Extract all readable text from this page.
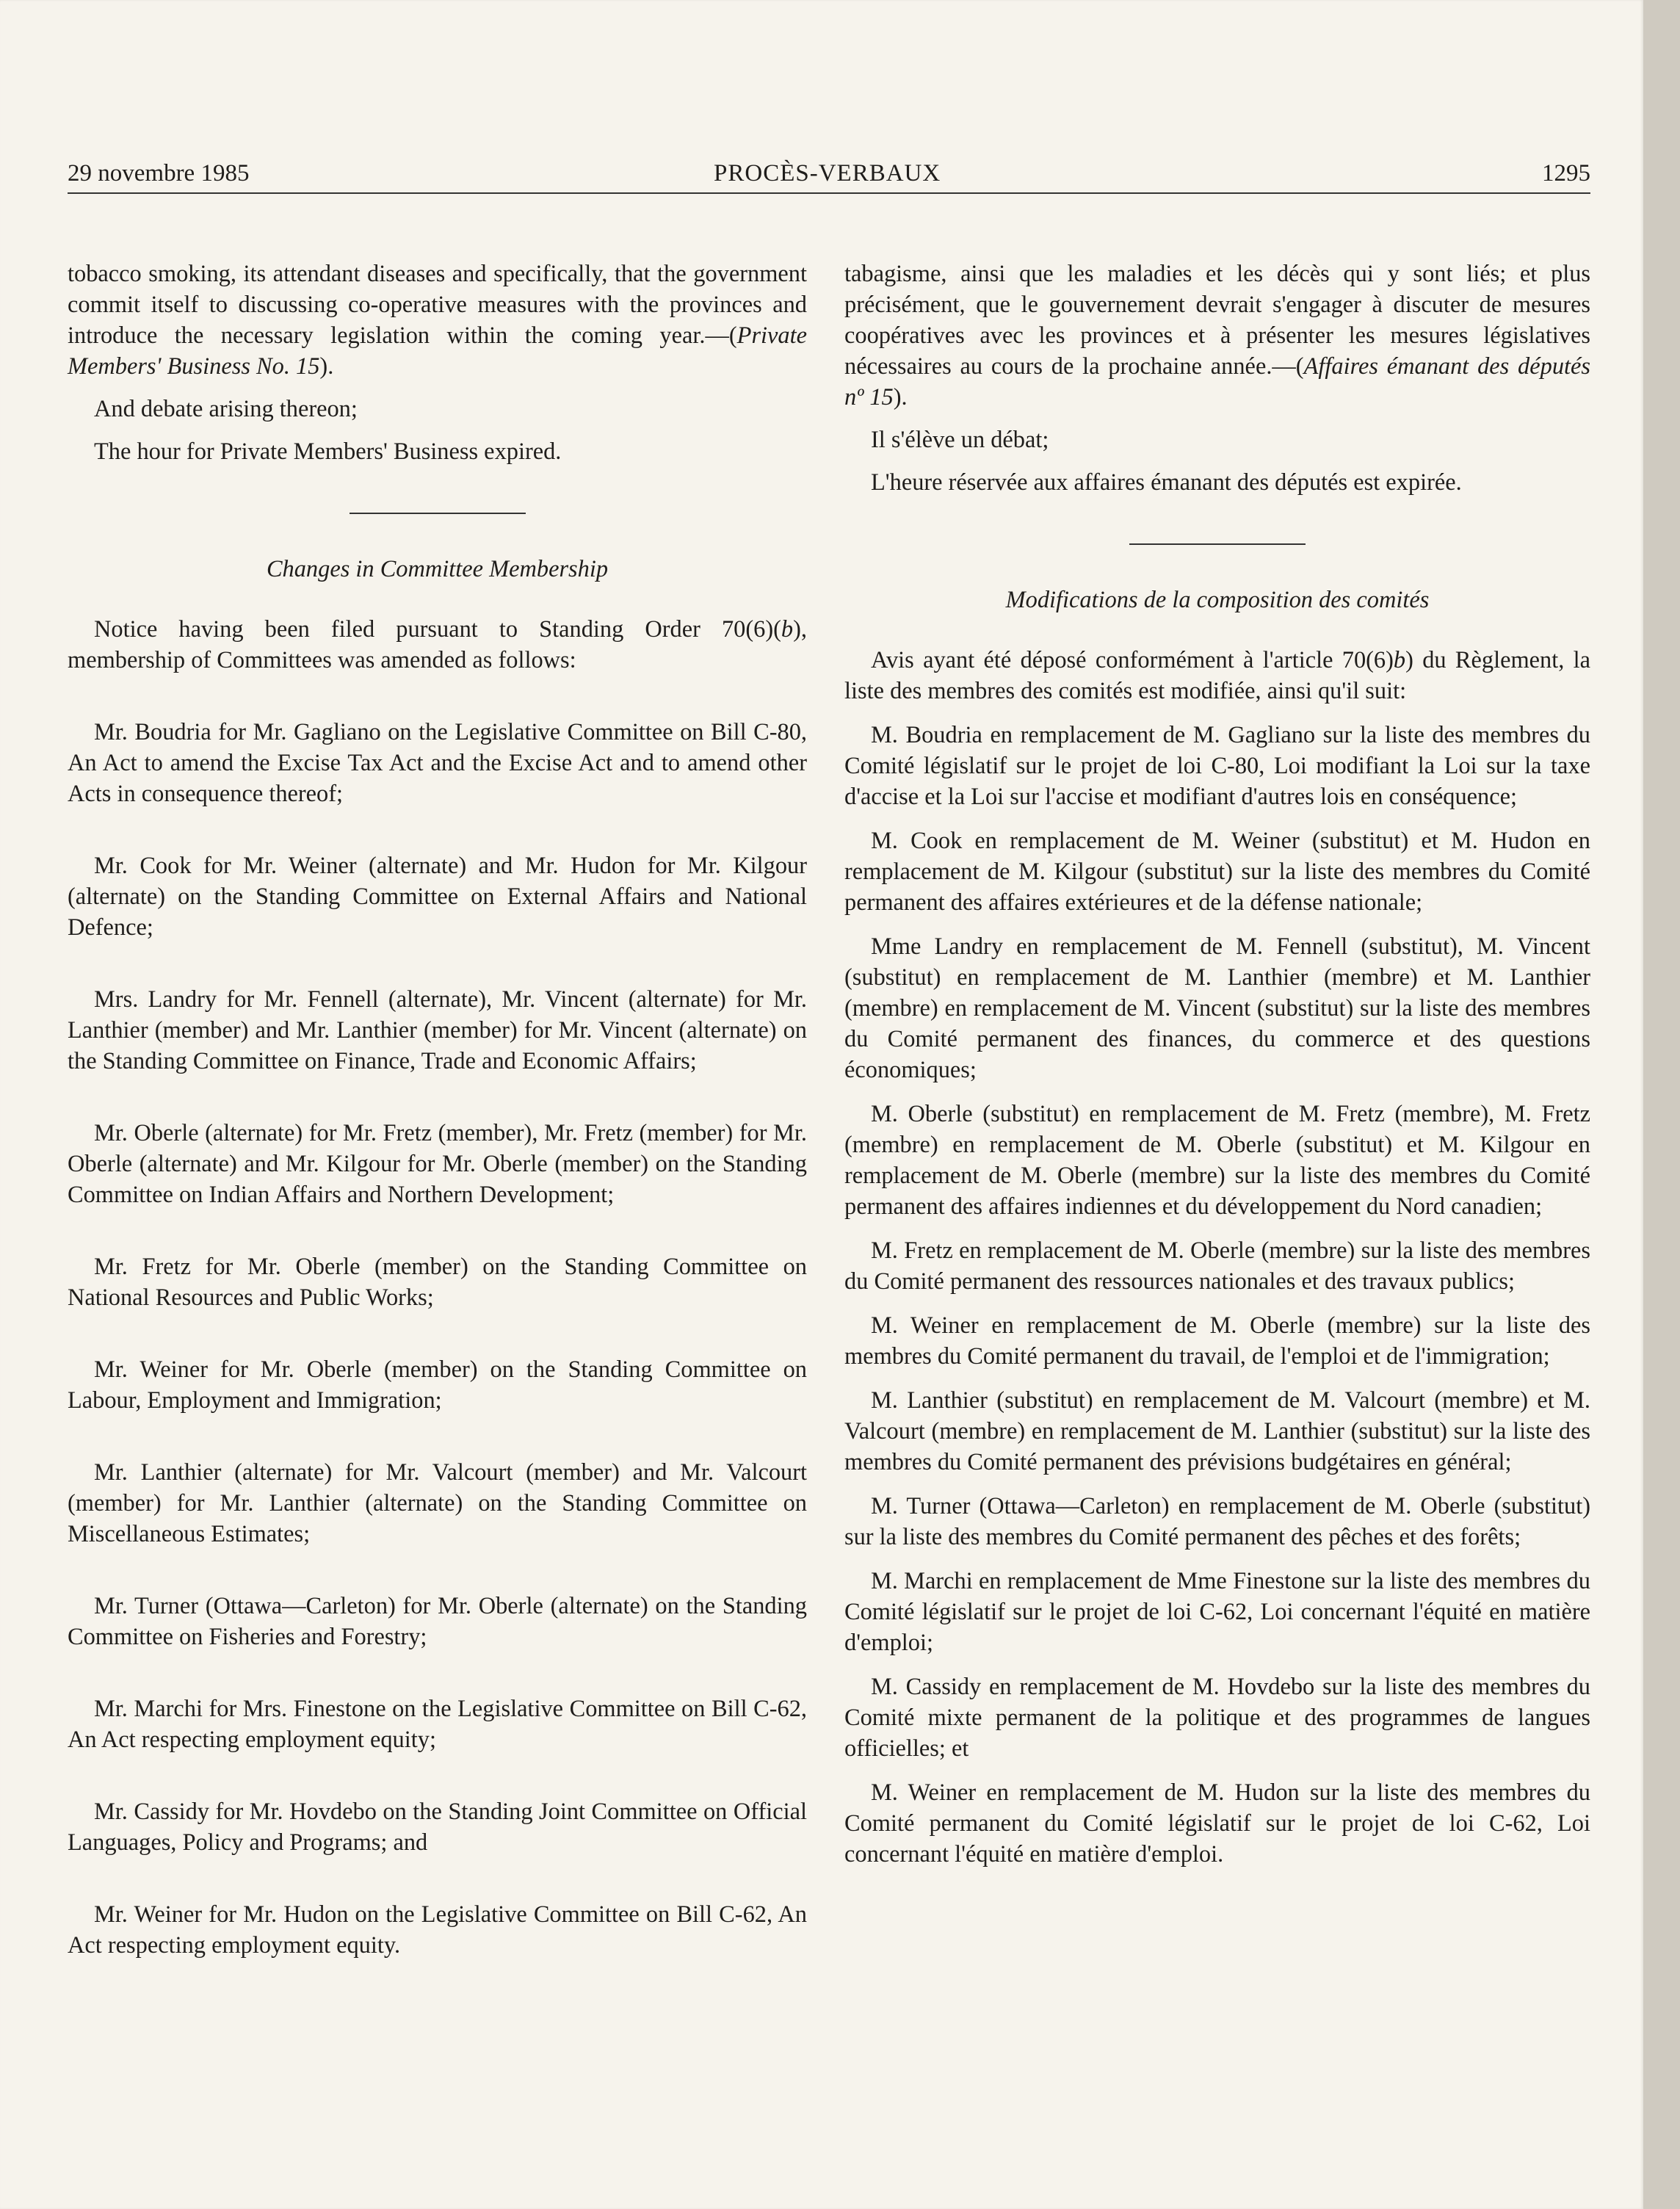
29 novembre 1985	PROCÈS-VERBAUX	1295

tobacco smoking, its attendant diseases and specifically, that the government commit itself to discussing co-operative measures with the provinces and introduce the necessary legislation within the coming year.—(Private Members' Business No. 15).

And debate arising thereon;

The hour for Private Members' Business expired.

Changes in Committee Membership

Notice having been filed pursuant to Standing Order 70(6)(b), membership of Committees was amended as follows:

Mr. Boudria for Mr. Gagliano on the Legislative Committee on Bill C-80, An Act to amend the Excise Tax Act and the Excise Act and to amend other Acts in consequence thereof;

Mr. Cook for Mr. Weiner (alternate) and Mr. Hudon for Mr. Kilgour (alternate) on the Standing Committee on External Affairs and National Defence;

Mrs. Landry for Mr. Fennell (alternate), Mr. Vincent (alternate) for Mr. Lanthier (member) and Mr. Lanthier (member) for Mr. Vincent (alternate) on the Standing Committee on Finance, Trade and Economic Affairs;

Mr. Oberle (alternate) for Mr. Fretz (member), Mr. Fretz (member) for Mr. Oberle (alternate) and Mr. Kilgour for Mr. Oberle (member) on the Standing Committee on Indian Affairs and Northern Development;

Mr. Fretz for Mr. Oberle (member) on the Standing Committee on National Resources and Public Works;

Mr. Weiner for Mr. Oberle (member) on the Standing Committee on Labour, Employment and Immigration;

Mr. Lanthier (alternate) for Mr. Valcourt (member) and Mr. Valcourt (member) for Mr. Lanthier (alternate) on the Standing Committee on Miscellaneous Estimates;

Mr. Turner (Ottawa—Carleton) for Mr. Oberle (alternate) on the Standing Committee on Fisheries and Forestry;

Mr. Marchi for Mrs. Finestone on the Legislative Committee on Bill C-62, An Act respecting employment equity;

Mr. Cassidy for Mr. Hovdebo on the Standing Joint Committee on Official Languages, Policy and Programs; and

Mr. Weiner for Mr. Hudon on the Legislative Committee on Bill C-62, An Act respecting employment equity.

tabagisme, ainsi que les maladies et les décès qui y sont liés; et plus précisément, que le gouvernement devrait s'engager à discuter de mesures coopératives avec les provinces et à présenter les mesures législatives nécessaires au cours de la prochaine année.—(Affaires émanant des députés nº 15).

Il s'élève un débat;

L'heure réservée aux affaires émanant des députés est expirée.

Modifications de la composition des comités

Avis ayant été déposé conformément à l'article 70(6)b) du Règlement, la liste des membres des comités est modifiée, ainsi qu'il suit:

M. Boudria en remplacement de M. Gagliano sur la liste des membres du Comité législatif sur le projet de loi C-80, Loi modifiant la Loi sur la taxe d'accise et la Loi sur l'accise et modifiant d'autres lois en conséquence;

M. Cook en remplacement de M. Weiner (substitut) et M. Hudon en remplacement de M. Kilgour (substitut) sur la liste des membres du Comité permanent des affaires extérieures et de la défense nationale;

Mme Landry en remplacement de M. Fennell (substitut), M. Vincent (substitut) en remplacement de M. Lanthier (membre) et M. Lanthier (membre) en remplacement de M. Vincent (substitut) sur la liste des membres du Comité permanent des finances, du commerce et des questions économiques;

M. Oberle (substitut) en remplacement de M. Fretz (membre), M. Fretz (membre) en remplacement de M. Oberle (substitut) et M. Kilgour en remplacement de M. Oberle (membre) sur la liste des membres du Comité permanent des affaires indiennes et du développement du Nord canadien;

M. Fretz en remplacement de M. Oberle (membre) sur la liste des membres du Comité permanent des ressources nationales et des travaux publics;

M. Weiner en remplacement de M. Oberle (membre) sur la liste des membres du Comité permanent du travail, de l'emploi et de l'immigration;

M. Lanthier (substitut) en remplacement de M. Valcourt (membre) et M. Valcourt (membre) en remplacement de M. Lanthier (substitut) sur la liste des membres du Comité permanent des prévisions budgétaires en général;

M. Turner (Ottawa—Carleton) en remplacement de M. Oberle (substitut) sur la liste des membres du Comité permanent des pêches et des forêts;

M. Marchi en remplacement de Mme Finestone sur la liste des membres du Comité législatif sur le projet de loi C-62, Loi concernant l'équité en matière d'emploi;

M. Cassidy en remplacement de M. Hovdebo sur la liste des membres du Comité mixte permanent de la politique et des programmes de langues officielles; et

M. Weiner en remplacement de M. Hudon sur la liste des membres du Comité permanent du Comité législatif sur le projet de loi C-62, Loi concernant l'équité en matière d'emploi.
